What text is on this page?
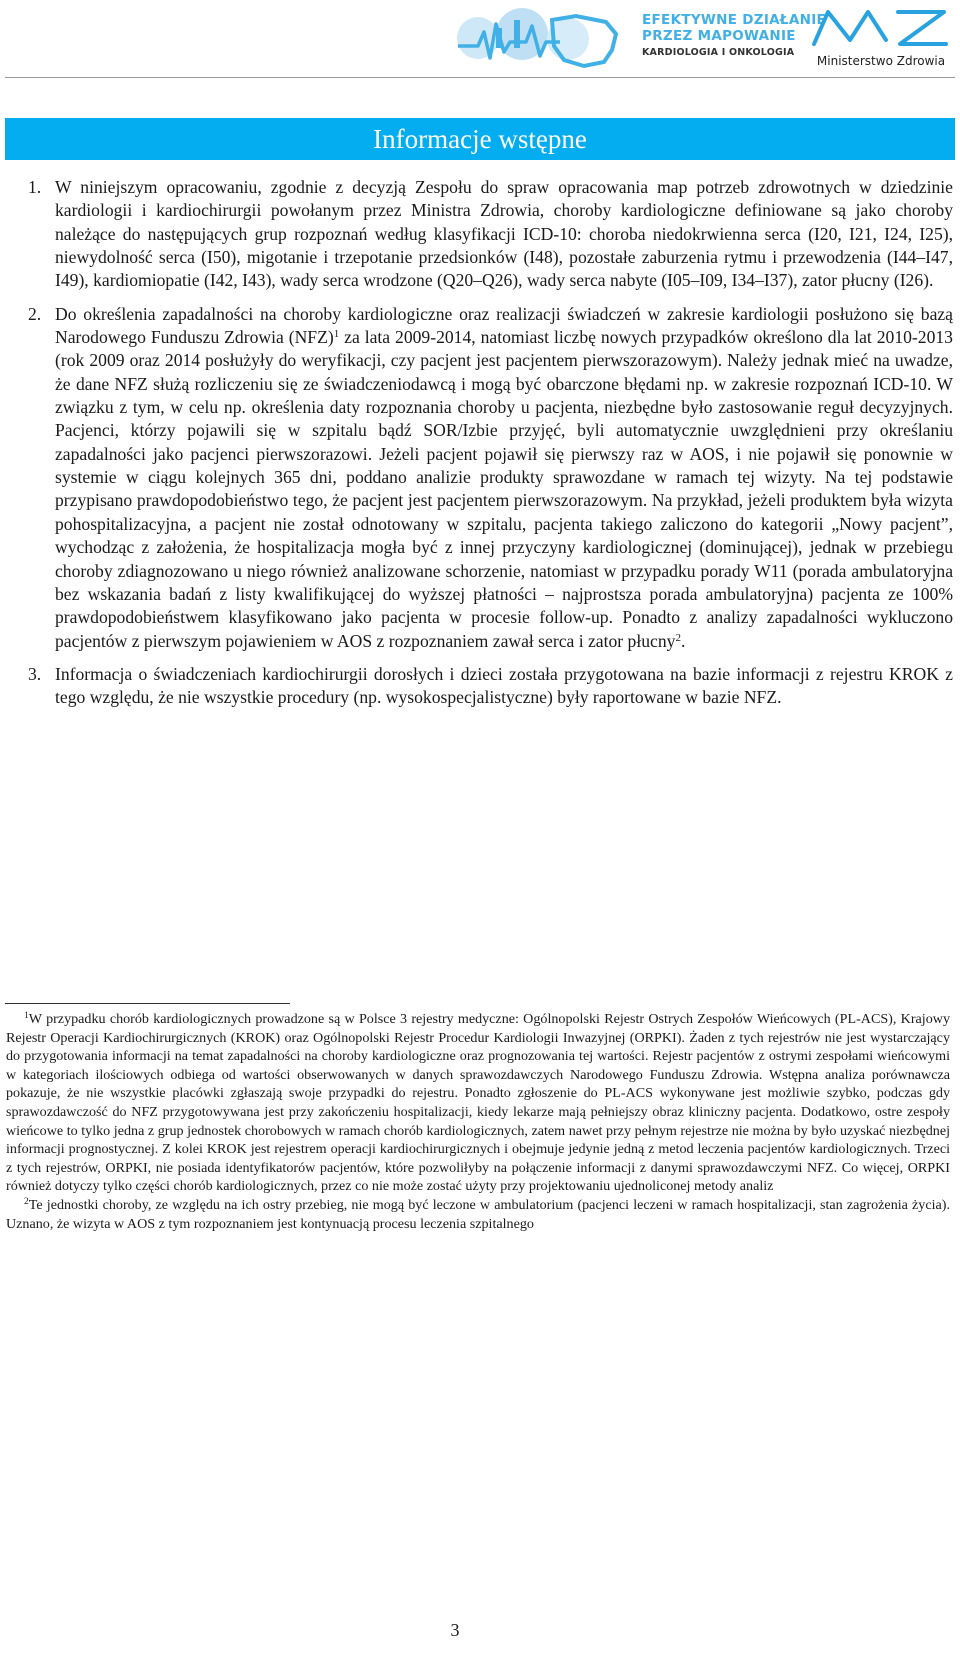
EFEKTYWNE DZIAŁANIE
PRZEZ MAPOWANIE
KARDIOLOGIA I ONKOLOGIA
Ministerstwo Zdrowia
Informacje wstępne
1. W niniejszym opracowaniu, zgodnie z decyzją Zespołu do spraw opracowania map potrzeb zdrowotnych w dziedzinie kardiologii i kardiochirurgii powołanym przez Ministra Zdrowia, choroby kardiologiczne definiowane są jako choroby należące do następujących grup rozpoznań według klasyfikacji ICD-10: choroba niedokrwienna serca (I20, I21, I24, I25), niewydolność serca (I50), migotanie i trzepotanie przedsionków (I48), pozostałe zaburzenia rytmu i przewodzenia (I44–I47, I49), kardiomiopatie (I42, I43), wady serca wrodzone (Q20–Q26), wady serca nabyte (I05–I09, I34–I37), zator płucny (I26).
2. Do określenia zapadalności na choroby kardiologiczne oraz realizacji świadczeń w zakresie kardiologii posłużono się bazą Narodowego Funduszu Zdrowia (NFZ)$^1$ za lata 2009-2014, natomiast liczbę nowych przypadków określono dla lat 2010-2013 (rok 2009 oraz 2014 posłużyły do weryfikacji, czy pacjent jest pacjentem pierwszorazowym). Należy jednak mieć na uwadze, że dane NFZ służą rozliczeniu się ze świadczeniodawcą i mogą być obarczone błędami np. w zakresie rozpoznań ICD-10. W związku z tym, w celu np. określenia daty rozpoznania choroby u pacjenta, niezbędne było zastosowanie reguł decyzyjnych. Pacjenci, którzy pojawili się w szpitalu bądź SOR/Izbie przyjęć, byli automatycznie uwzględnieni przy określaniu zapadalności jako pacjenci pierwszorazowi. Jeżeli pacjent pojawił się pierwszy raz w AOS, i nie pojawił się ponownie w systemie w ciągu kolejnych 365 dni, poddano analizie produkty sprawozdane w ramach tej wizyty. Na tej podstawie przypisano prawdopodobieństwo tego, że pacjent jest pacjentem pierwszorazowym. Na przykład, jeżeli produktem była wizyta pohospitalizacyjna, a pacjent nie został odnotowany w szpitalu, pacjenta takiego zaliczono do kategorii „Nowy pacjent”, wychodząc z założenia, że hospitalizacja mogła być z innej przyczyny kardiologicznej (dominującej), jednak w przebiegu choroby zdiagnozowano u niego również analizowane schorzenie, natomiast w przypadku porady W11 (porada ambulatoryjna bez wskazania badań z listy kwalifikującej do wyższej płatności – najprostsza porada ambulatoryjna) pacjenta ze 100% prawdopodobieństwem klasyfikowano jako pacjenta w procesie follow-up. Ponadto z analizy zapadalności wykluczono pacjentów z pierwszym pojawieniem w AOS z rozpoznaniem zawał serca i zator płucny$^2$.
3. Informacja o świadczeniach kardiochirurgii dorosłych i dzieci została przygotowana na bazie informacji z rejestru KROK z tego względu, że nie wszystkie procedury (np. wysokospecjalistyczne) były raportowane w bazie NFZ.

$^1$W przypadku chorób kardiologicznych prowadzone są w Polsce 3 rejestry medyczne: Ogólnopolski Rejestr Ostrych Zespołów Wieńcowych (PL-ACS), Krajowy Rejestr Operacji Kardiochirurgicznych (KROK) oraz Ogólnopolski Rejestr Procedur Kardiologii Inwazyjnej (ORPKI). Żaden z tych rejestrów nie jest wystarczający do przygotowania informacji na temat zapadalności na choroby kardiologiczne oraz prognozowania tej wartości. Rejestr pacjentów z ostrymi zespołami wieńcowymi w kategoriach ilościowych odbiega od wartości obserwowanych w danych sprawozdawczych Narodowego Funduszu Zdrowia. Wstępna analiza porównawcza pokazuje, że nie wszystkie placówki zgłaszają swoje przypadki do rejestru. Ponadto zgłoszenie do PL-ACS wykonywane jest możliwie szybko, podczas gdy sprawozdawczość do NFZ przygotowywana jest przy zakończeniu hospitalizacji, kiedy lekarze mają pełniejszy obraz kliniczny pacjenta. Dodatkowo, ostre zespoły wieńcowe to tylko jedna z grup jednostek chorobowych w ramach chorób kardiologicznych, zatem nawet przy pełnym rejestrze nie można by było uzyskać niezbędnej informacji prognostycznej. Z kolei KROK jest rejestrem operacji kardiochirurgicznych i obejmuje jedynie jedną z metod leczenia pacjentów kardiologicznych. Trzeci z tych rejestrów, ORPKI, nie posiada identyfikatorów pacjentów, które pozwoliłyby na połączenie informacji z danymi sprawozdawczymi NFZ. Co więcej, ORPKI również dotyczy tylko części chorób kardiologicznych, przez co nie może zostać użyty przy projektowaniu ujednoliconej metody analiz

$^2$Te jednostki choroby, ze względu na ich ostry przebieg, nie mogą być leczone w ambulatorium (pacjenci leczeni w ramach hospitalizacji, stan zagrożenia życia). Uznano, że wizyta w AOS z tym rozpoznaniem jest kontynuacją procesu leczenia szpitalnego

3
